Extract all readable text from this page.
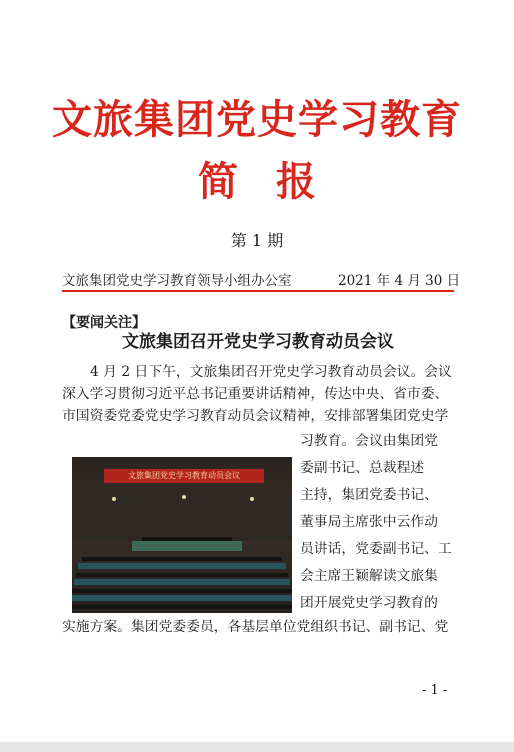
文旅集团党史学习教育
简报
第 1 期
文旅集团党史学习教育领导小组办公室	2021 年 4 月 30 日
【要闻关注】
文旅集团召开党史学习教育动员会议
4 月 2 日下午，文旅集团召开党史学习教育动员会议。会议
深入学习贯彻习近平总书记重要讲话精神，传达中央、省市委、
市国资委党委党史学习教育动员会议精神，安排部署集团党史学
习教育。会议由集团党
委副书记、总裁程述
主持，集团党委书记、
董事局主席张中云作动
员讲话，党委副书记、工
会主席王颖解读文旅集
团开展党史学习教育的
实施方案。集团党委委员，各基层单位党组织书记、副书记、党
文旅集团党史学习教育动员会议
- 1 -
